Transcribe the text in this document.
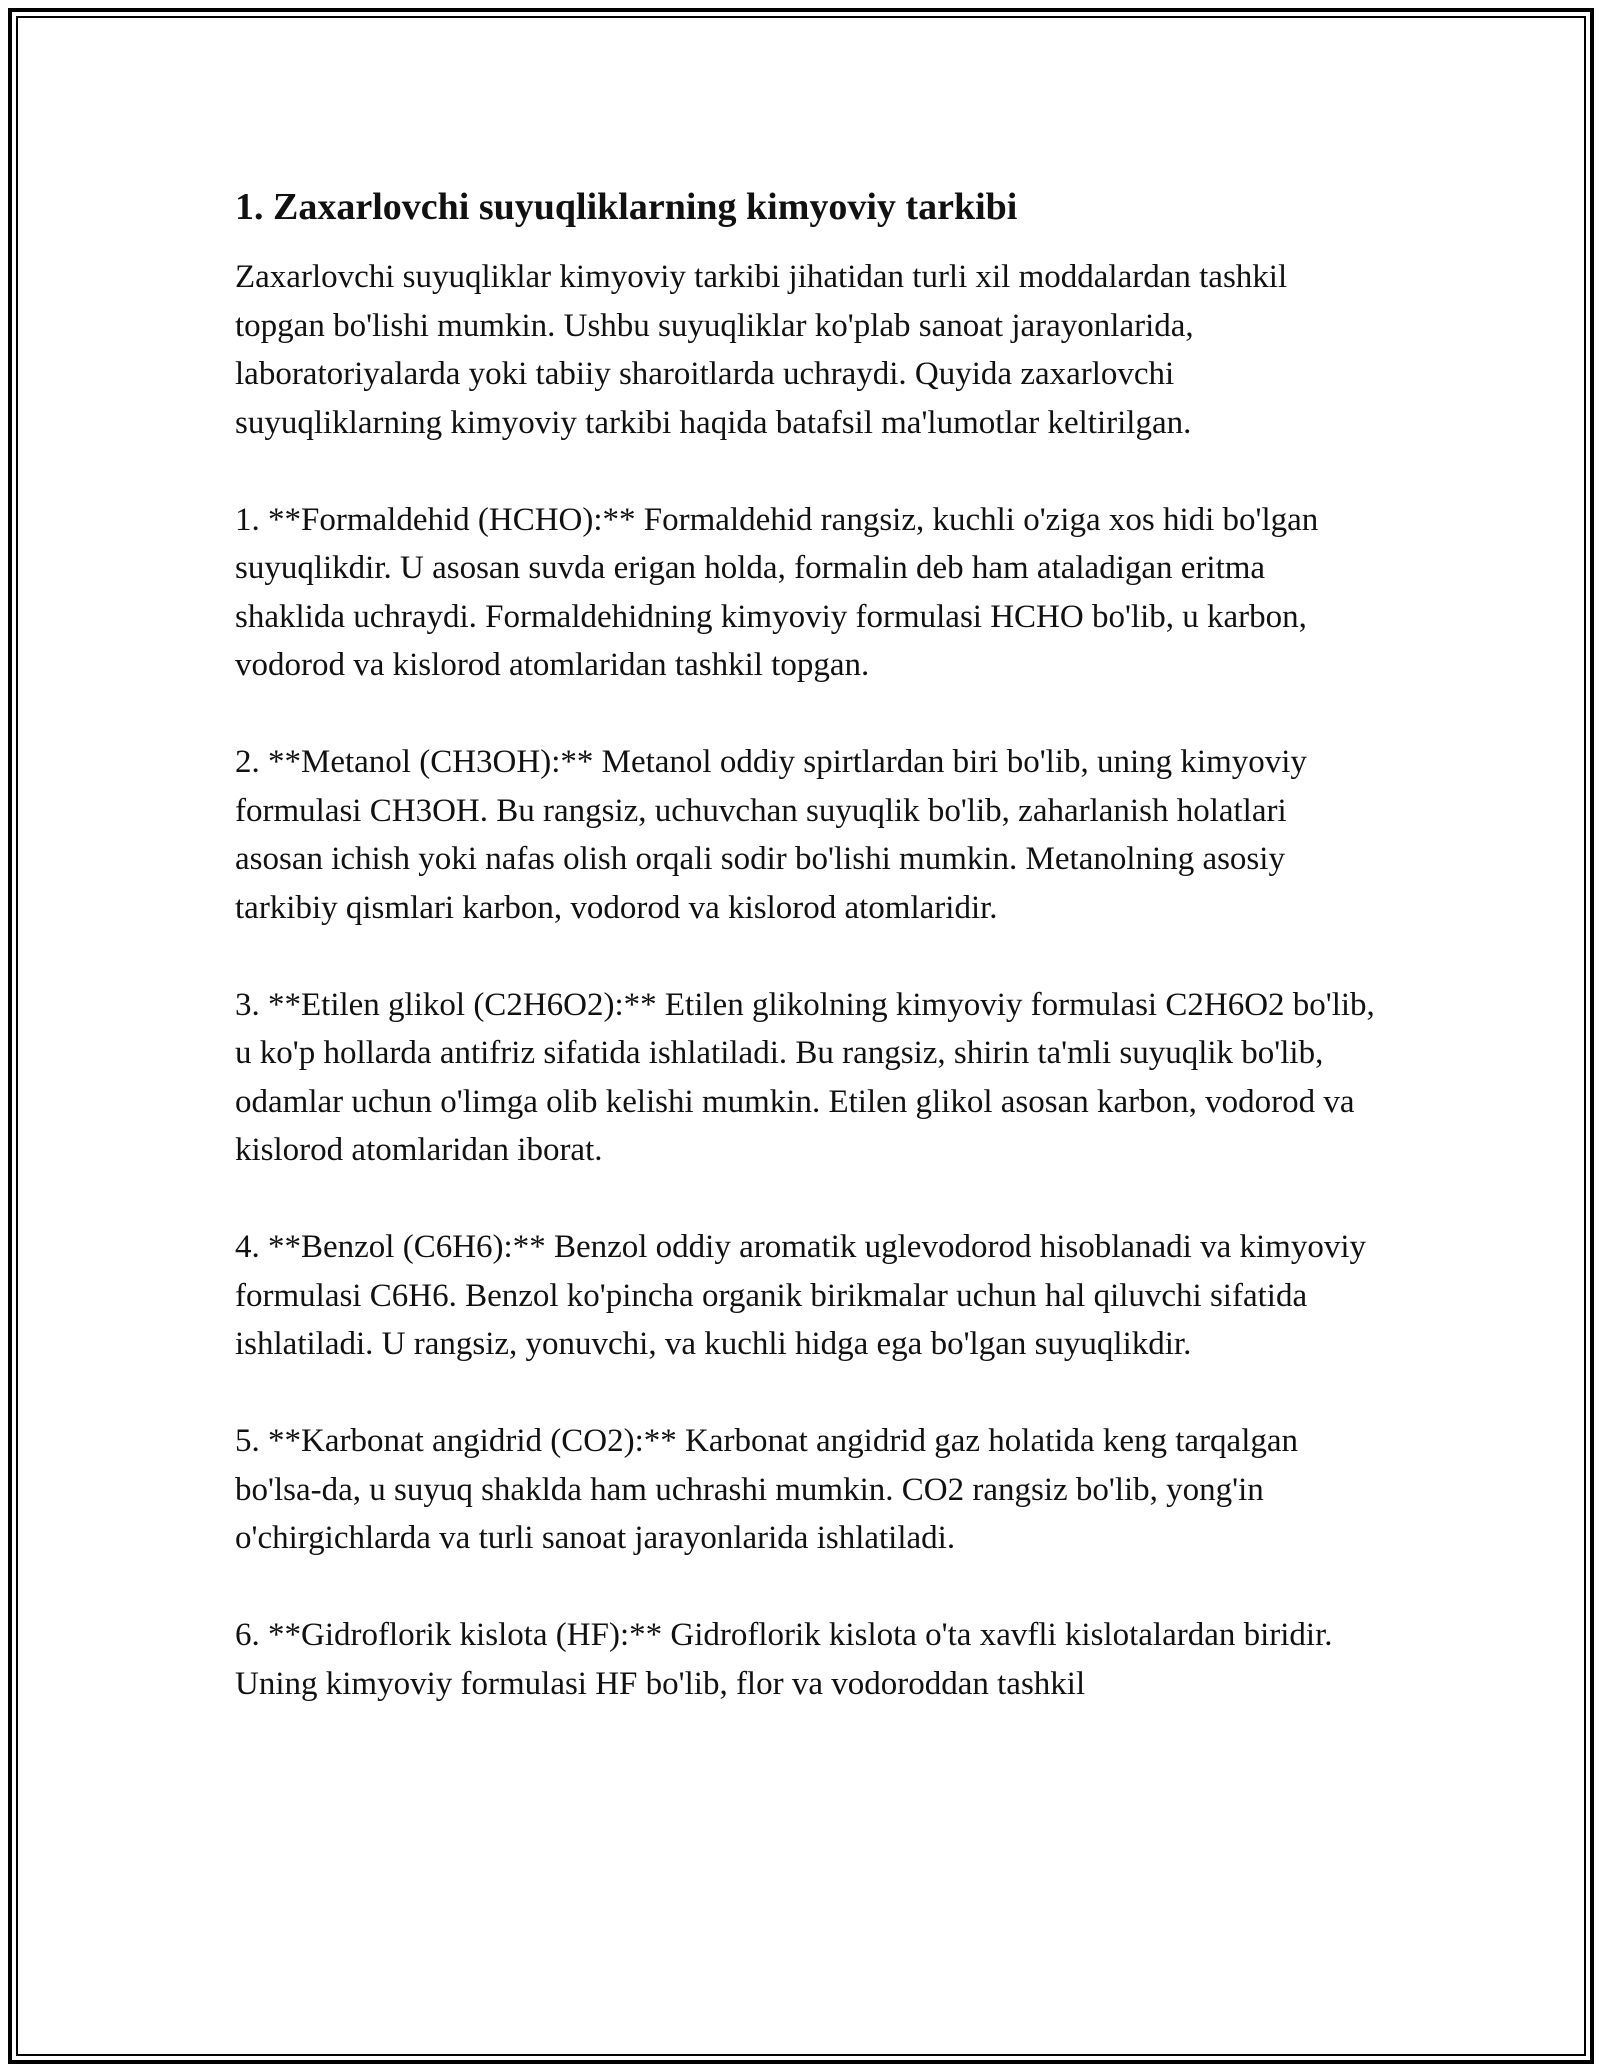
1. Zaxarlovchi suyuqliklarning kimyoviy tarkibi

Zaxarlovchi suyuqliklar kimyoviy tarkibi jihatidan turli xil moddalardan tashkil topgan bo'lishi mumkin. Ushbu suyuqliklar ko'plab sanoat jarayonlarida, laboratoriyalarda yoki tabiiy sharoitlarda uchraydi. Quyida zaxarlovchi suyuqliklarning kimyoviy tarkibi haqida batafsil ma'lumotlar keltirilgan.

1. **Formaldehid (HCHO):** Formaldehid rangsiz, kuchli o'ziga xos hidi bo'lgan suyuqlikdir. U asosan suvda erigan holda, formalin deb ham ataladigan eritma shaklida uchraydi. Formaldehidning kimyoviy formulasi HCHO bo'lib, u karbon, vodorod va kislorod atomlaridan tashkil topgan.

2. **Metanol (CH3OH):** Metanol oddiy spirtlardan biri bo'lib, uning kimyoviy formulasi CH3OH. Bu rangsiz, uchuvchan suyuqlik bo'lib, zaharlanish holatlari asosan ichish yoki nafas olish orqali sodir bo'lishi mumkin. Metanolning asosiy tarkibiy qismlari karbon, vodorod va kislorod atomlaridir.

3. **Etilen glikol (C2H6O2):** Etilen glikolning kimyoviy formulasi C2H6O2 bo'lib, u ko'p hollarda antifriz sifatida ishlatiladi. Bu rangsiz, shirin ta'mli suyuqlik bo'lib, odamlar uchun o'limga olib kelishi mumkin. Etilen glikol asosan karbon, vodorod va kislorod atomlaridan iborat.

4. **Benzol (C6H6):** Benzol oddiy aromatik uglevodorod hisoblanadi va kimyoviy formulasi C6H6. Benzol ko'pincha organik birikmalar uchun hal qiluvchi sifatida ishlatiladi. U rangsiz, yonuvchi, va kuchli hidga ega bo'lgan suyuqlikdir.

5. **Karbonat angidrid (CO2):** Karbonat angidrid gaz holatida keng tarqalgan bo'lsa-da, u suyuq shakldа ham uchrashi mumkin. CO2 rangsiz bo'lib, yong'in o'chirgichlarda va turli sanoat jarayonlarida ishlatiladi.

6. **Gidroflorik kislota (HF):** Gidroflorik kislota o'ta xavfli kislotalardan biridir. Uning kimyoviy formulasi HF bo'lib, flor va vodoroddan tashkil
